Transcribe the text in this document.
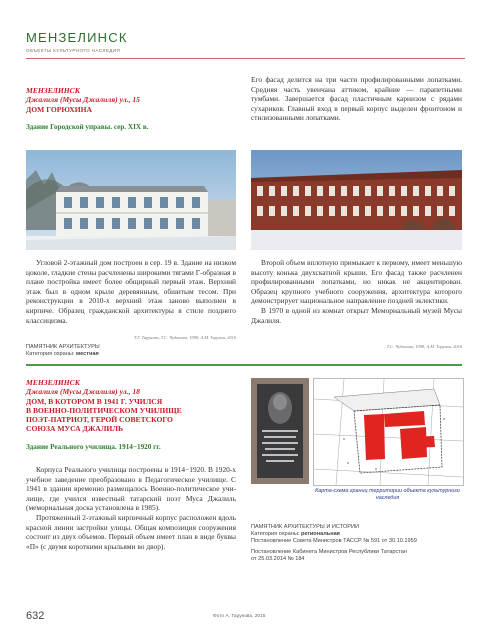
МЕНЗЕЛИНСК
ОБЪЕКТЫ КУЛЬТУРНОГО НАСЛЕДИЯ
МЕНЗЕЛИНСК
Джалиля (Мусы Джалиля) ул., 15
ДОМ ГОРЮХИНА
Здание Городской управы. сер. XIX в.

Его фасад делится на три части профилированными лопатками. Средняя часть увенчана аттиком, крайние — парапетными тумбами. Завершается фасад пластичным карнизом с рядами сухариков. Главный вход в первый корпус выделен фронтоном и стилизованными лопатками.

Угловой 2-этажный дом построен в сер. 19 в. Здание на низком цоколе, гладкие стены расчленены широкими тягами Г-образная в плане постройка имеет более общирный первый этаж. Верхний этаж был в одном крыле деревянным, обшитым тесом. При реконструкции в 2010-х верхний этаж заново выполнен в кирпиче. Образец гражданской архитектуры в стиле позднего классицизма.

Т.Г. Тарунова, Т.С. Чуданова, 1998; А.М. Тарунов, 2016
ПАМЯТНИК АРХИТЕКТУРЫ
Категория охраны: местная

Второй объем вплотную примыкает к первому, имеет меньшую высоту конька двухскатной крыши. Его фасад также расчленен профилированными лопатками, но никак не акцентирован. Образец крупного учебного сооружения, архитектура которого демонстрирует национальное направление поздней эклектики.

В 1970 в одной из комнат открыт Мемориальный музей Мусы Джалиля.

Т.С. Чуданова, 1998; А.М. Тарунов, 2016
МЕНЗЕЛИНСК
Джалиля (Мусы Джалиля) ул., 18
ДОМ, В КОТОРОМ В 1941 Г. УЧИЛСЯ
В ВОЕННО-ПОЛИТИЧЕСКОМ УЧИЛИЩЕ
ПОЭТ-ПАТРИОТ, ГЕРОЙ СОВЕТСКОГО
СОЮЗА МУСА ДЖАЛИЛЬ
Здание Реального училища. 1914−1920 гг.

Корпуса Реального училища построены в 1914−1920. В 1920-х учебное заведение преобразовано в Педагогическое училище. С 1941 в здании временно размещалось Военно-политическое училище, где учился известный татарский поэт Муса Джалиль (мемориальная доска установлена в 1985).

Протяженный 2-этажный кирпичный корпус расположен вдоль красной линии застройки улицы. Общая композиция сооружения состоит из двух объемов. Первый объем имеет план в виде буквы «П» (с двумя короткими крыльями во двор).

Карта-схема границ территории объекта культурного наследия
ПАМЯТНИК АРХИТЕКТУРЫ И ИСТОРИИ
Категория охраны: региональная
Постановление Совета Министров ТАССР № 591 от 30.10.1959
Постановление Кабинета Министров Республики Татарстан
от 25.03.2014 № 184
632	Фото А. Тарунова, 2015
